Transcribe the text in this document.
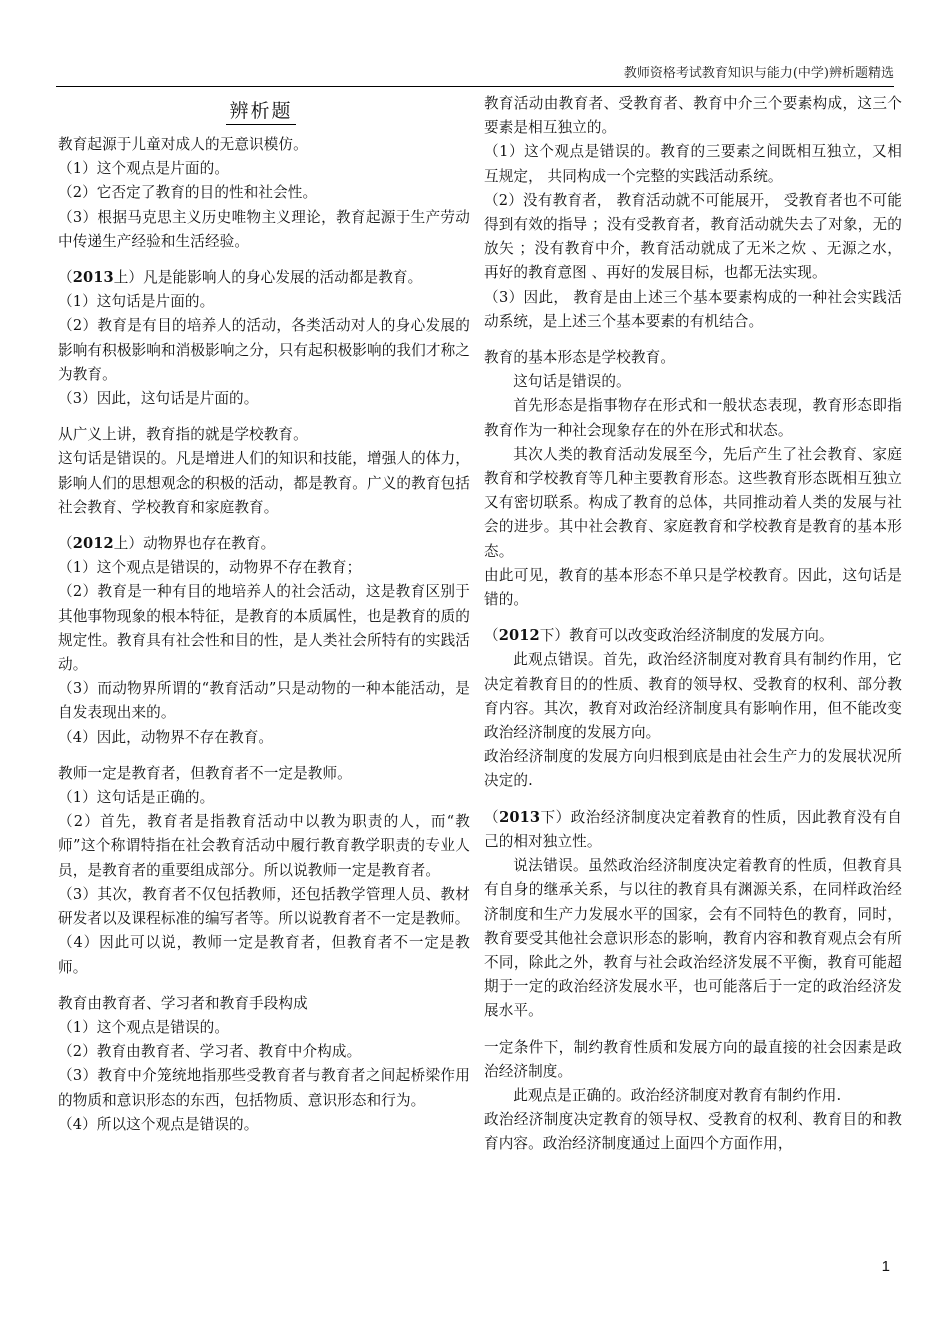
教师资格考试教育知识与能力(中学)辨析题精选
辨析题

教育起源于儿童对成人的无意识模仿。

（1）这个观点是片面的。

（2）它否定了教育的目的性和社会性。

（3）根据马克思主义历史唯物主义理论，教育起源于生产劳动中传递生产经验和生活经验。

（2013上）凡是能影响人的身心发展的活动都是教育。

（1）这句话是片面的。

（2）教育是有目的培养人的活动，各类活动对人的身心发展的影响有积极影响和消极影响之分，只有起积极影响的我们才称之为教育。

（3）因此，这句话是片面的。

从广义上讲，教育指的就是学校教育。

这句话是错误的。凡是增进人们的知识和技能，增强人的体力，影响人们的思想观念的积极的活动，都是教育。广义的教育包括社会教育、学校教育和家庭教育。

（2012上）动物界也存在教育。

（1）这个观点是错误的，动物界不存在教育；

（2）教育是一种有目的地培养人的社会活动，这是教育区别于其他事物现象的根本特征，是教育的本质属性，也是教育的质的规定性。教育具有社会性和目的性，是人类社会所特有的实践活动。

（3）而动物界所谓的“教育活动”只是动物的一种本能活动，是自发表现出来的。

（4）因此，动物界不存在教育。

教师一定是教育者，但教育者不一定是教师。

（1）这句话是正确的。

（2）首先，教育者是指教育活动中以教为职责的人，而“教师”这个称谓特指在社会教育活动中履行教育教学职责的专业人员，是教育者的重要组成部分。所以说教师一定是教育者。

（3）其次，教育者不仅包括教师，还包括教学管理人员、教材研发者以及课程标准的编写者等。所以说教育者不一定是教师。

（4）因此可以说，教师一定是教育者，但教育者不一定是教师。

教育由教育者、学习者和教育手段构成

（1）这个观点是错误的。

（2）教育由教育者、学习者、教育中介构成。

（3）教育中介笼统地指那些受教育者与教育者之间起桥梁作用的物质和意识形态的东西，包括物质、意识形态和行为。

（4）所以这个观点是错误的。

教育活动由教育者、受教育者、教育中介三个要素构成，这三个要素是相互独立的。

（1）这个观点是错误的。教育的三要素之间既相互独立，又相互规定， 共同构成一个完整的实践活动系统。

（2）没有教育者， 教育活动就不可能展开， 受教育者也不可能得到有效的指导 ；没有受教育者，教育活动就失去了对象，无的放矢 ；没有教育中介，教育活动就成了无米之炊 、无源之水，再好的教育意图 、再好的发展目标，也都无法实现。

（3）因此， 教育是由上述三个基本要素构成的一种社会实践活动系统，是上述三个基本要素的有机结合。

教育的基本形态是学校教育。

这句话是错误的。

首先形态是指事物存在形式和一般状态表现，教育形态即指教育作为一种社会现象存在的外在形式和状态。

其次人类的教育活动发展至今，先后产生了社会教育、家庭教育和学校教育等几种主要教育形态。这些教育形态既相互独立又有密切联系。构成了教育的总体，共同推动着人类的发展与社会的进步。其中社会教育、家庭教育和学校教育是教育的基本形态。

由此可见，教育的基本形态不单只是学校教育。因此，这句话是错的。

（2012下）教育可以改变政治经济制度的发展方向。

此观点错误。首先，政治经济制度对教育具有制约作用，它决定着教育目的的性质、教育的领导权、受教育的权利、部分教育内容。其次，教育对政治经济制度具有影响作用，但不能改变政治经济制度的发展方向。

政治经济制度的发展方向归根到底是由社会生产力的发展状况所决定的.

（2013下）政治经济制度决定着教育的性质，因此教育没有自己的相对独立性。

说法错误。虽然政治经济制度决定着教育的性质，但教育具有自身的继承关系，与以往的教育具有渊源关系，在同样政治经济制度和生产力发展水平的国家，会有不同特色的教育，同时，教育要受其他社会意识形态的影响，教育内容和教育观点会有所不同，除此之外，教育与社会政治经济发展不平衡，教育可能超期于一定的政治经济发展水平，也可能落后于一定的政治经济发展水平。

一定条件下，制约教育性质和发展方向的最直接的社会因素是政治经济制度。

此观点是正确的。政治经济制度对教育有制约作用.

政治经济制度决定教育的领导权、受教育的权利、教育目的和教育内容。政治经济制度通过上面四个方面作用，

1
